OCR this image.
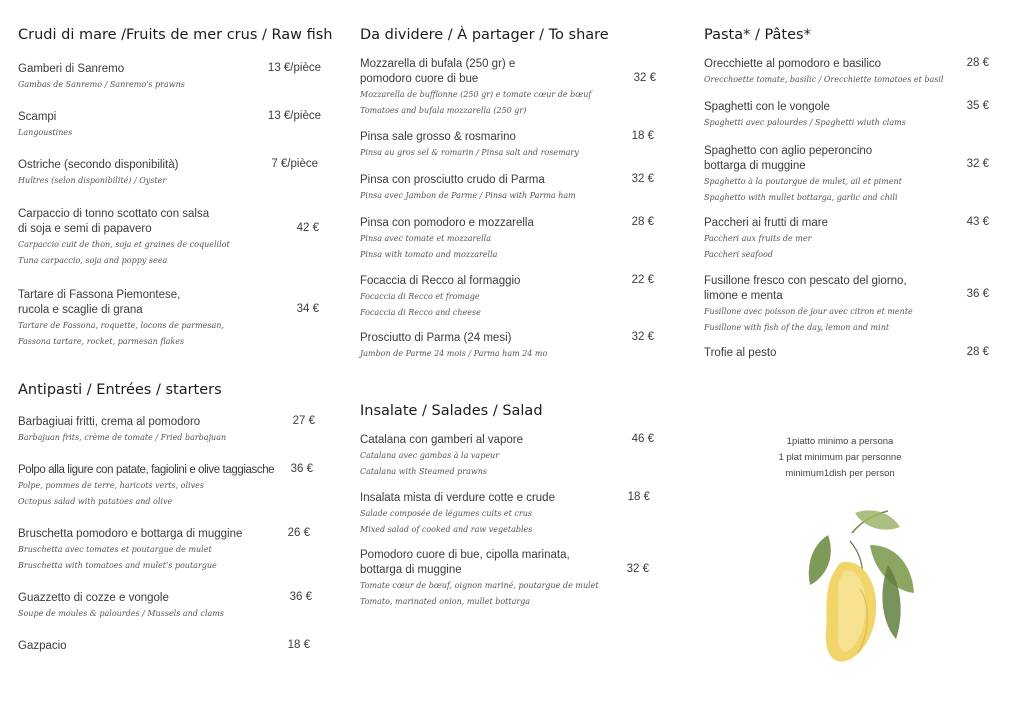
Crudi di mare /Fruits de mer crus / Raw fish
Gamberi di Sanremo
Gambas de Sanremo / Sanremo's prawns
13 €/pièce
Scampi
Langoustines
13 €/pièce
Ostriche (secondo disponibilità)
Huîtres (selon disponibilité) / Oyster
7 €/pièce
Carpaccio di tonno scottato con salsa
di soja e semi di papavero
Carpaccio cuit de thon, soja et graines de coquelilot
Tuna carpaccio, soja and poppy seea
42 €
Tartare di Fassona Piemontese,
rucola e scaglie di grana
Tartare de Fassona, roquette, locons de parmesan,
Fassona tartare, rocket, parmesan flakes
34 €
Antipasti / Entrées / starters
Barbagiuai fritti, crema al pomodoro
Barbajuan frits, crème de tomate / Fried barbajuan
27 €
Polpo alla ligure con patate, fagiolini e olive taggiasche
Polpe, pommes de terre, haricots verts, olives
Octopus salad with patatoes and olive
36 €
Bruschetta pomodoro e bottarga di muggine
Bruschetta avec tomates et poutargue de mulet
Bruschetta with tomatoes and mulet's poutargue
26 €
Guazzetto di cozze e vongole
Soupe de moules & palourdes / Mussels and clams
36 €
Gazpacio	18 €
Da dividere / À partager / To share
Mozzarella di bufala (250 gr) e
pomodoro cuore di bue
Mozzarella de bufflonne (250 gr) e tomate cœur de bœuf
Tomatoes and bufala mozzarella (250 gr)
32 €
Pinsa sale grosso & rosmarino
Pinsa au gros sel & romarin / Pinsa salt and rosemary
18 €
Pinsa con prosciutto crudo di Parma
Pinsa avec Jambon de Parme / Pinsa with Parma ham
32 €
Pinsa con pomodoro e mozzarella
Pinsa avec tomate et mozzarella
Pinsa with tomato and mozzarella
28 €
Focaccia di Recco al formaggio
Focaccia di Recco et fromage
Focaccia di Recco and cheese
22 €
Prosciutto di Parma (24 mesi)
Jambon de Parme 24 mois / Parma ham 24 mo
32 €
Insalate / Salades / Salad
Catalana con gamberi al vapore
Catalana avec gambas à la vapeur
Catalana with Steamed prawns
46 €
Insalata mista di verdure cotte e crude
Salade composée de légumes cuits et crus
Mixed salad of cooked and raw vegetables
18 €
Pomodoro cuore di bue, cipolla marinata,
bottarga di muggine
Tomate cœur de bœuf, oignon mariné, poutargue de mulet
Tomato, marinated onion, mullet bottarga
32 €
Pasta* / Pâtes*
Orecchiette al pomodoro e basilico
Orecchoette tomate, basilic / Orecchiette tomatoes et basil
28 €
Spaghetti con le vongole
Spaghetti avec palourdes / Spaghetti wiuth clams
35 €
Spaghetto con aglio peperoncino
bottarga di muggine
Spaghetto à la poutargue de mulet, ail et piment
Spaghetto with mullet bottarga, garlic and chili
32 €
Paccheri ai frutti di mare
Paccheri aux fruits de mer
Paccheri seafood
43 €
Fusillone fresco con pescato del giorno,
limone e menta
Fusillone avec poisson de jour avec citron et mente
Fusillone with fish of the day, lemon and mint
36 €
Trofie al pesto	28 €
1piatto minimo a persona
1 plat minimum par personne
minimum1dish per person
